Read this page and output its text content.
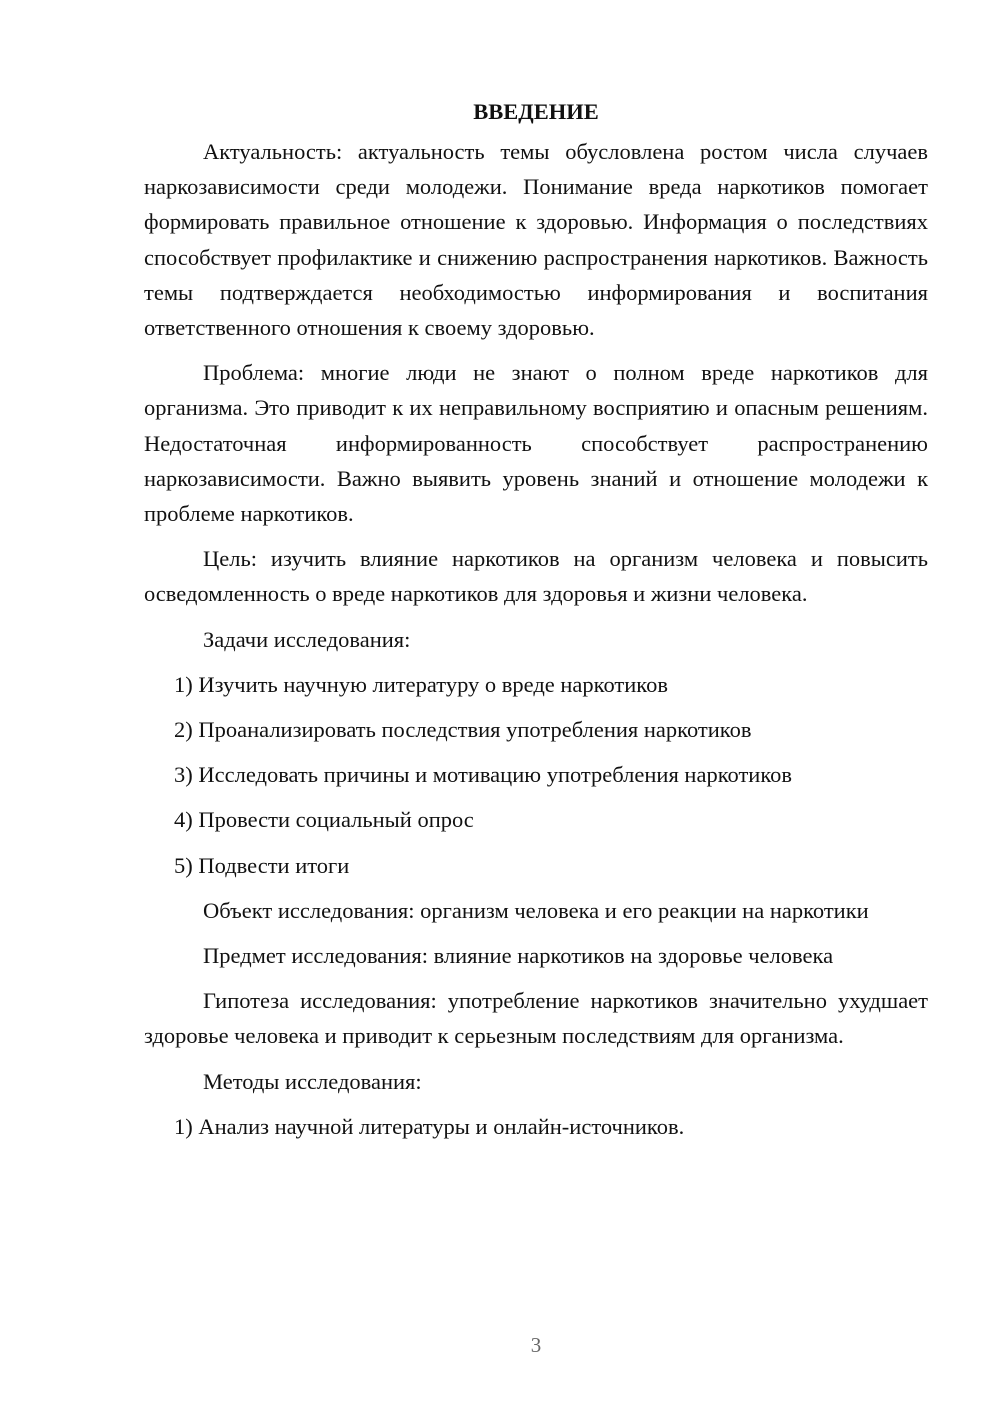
ВВЕДЕНИЕ

Актуальность: актуальность темы обусловлена ростом числа случаев наркозависимости среди молодежи. Понимание вреда наркотиков помогает формировать правильное отношение к здоровью. Информация о последствиях способствует профилактике и снижению распространения наркотиков. Важность темы подтверждается необходимостью информирования и воспитания ответственного отношения к своему здоровью.

Проблема: многие люди не знают о полном вреде наркотиков для организма. Это приводит к их неправильному восприятию и опасным решениям. Недостаточная информированность способствует распространению наркозависимости. Важно выявить уровень знаний и отношение молодежи к проблеме наркотиков.

Цель: изучить влияние наркотиков на организм человека и повысить осведомленность о вреде наркотиков для здоровья и жизни человека.

Задачи исследования:

1) Изучить научную литературу о вреде наркотиков

2) Проанализировать последствия употребления наркотиков

3) Исследовать причины и мотивацию употребления наркотиков

4) Провести социальный опрос

5) Подвести итоги

Объект исследования: организм человека и его реакции на наркотики

Предмет исследования: влияние наркотиков на здоровье человека

Гипотеза исследования: употребление наркотиков значительно ухудшает здоровье человека и приводит к серьезным последствиям для организма.

Методы исследования:

1) Анализ научной литературы и онлайн-источников.

3
